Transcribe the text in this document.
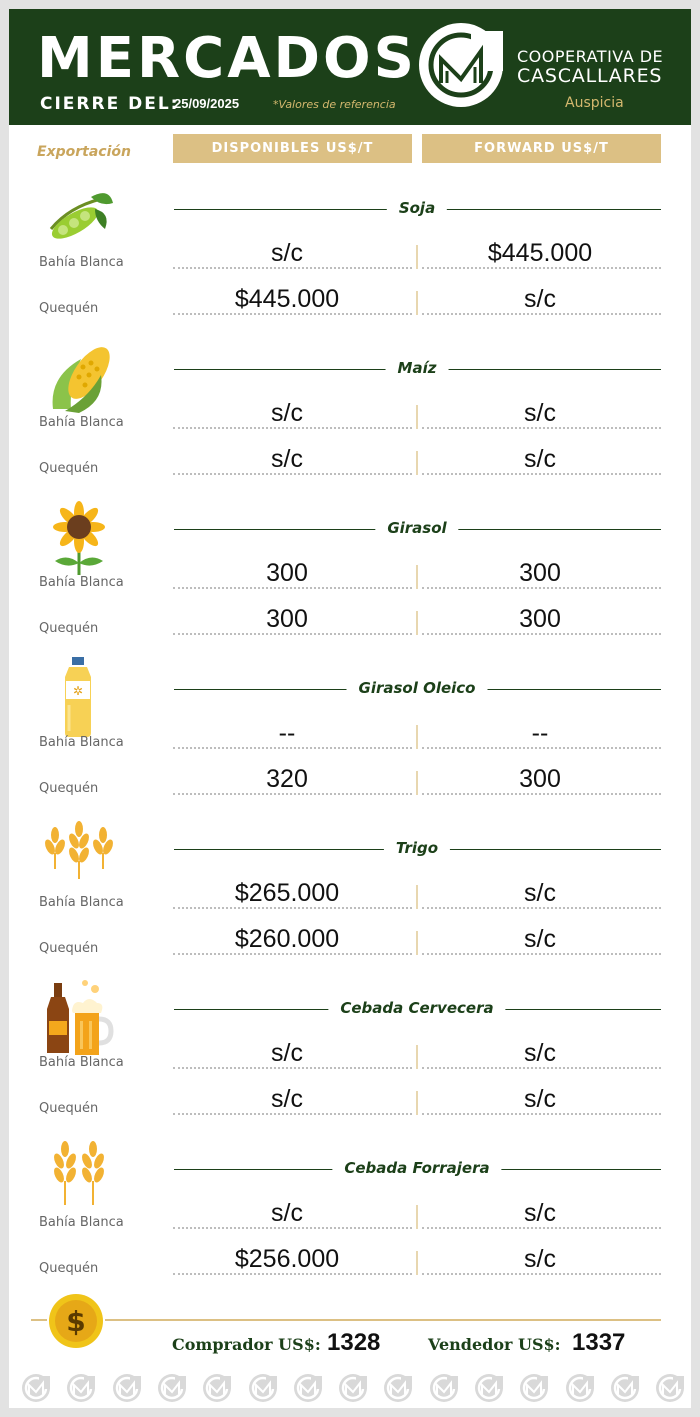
MERCADOS
CIERRE DEL:
25/09/2025	*Valores de referencia
COOPERATIVA DE
CASCALLARES
Auspicia
Exportación	DISPONIBLES US$/T	FORWARD US$/T
Soja
Bahía Blanca	s/c	$445.000
Quequén	$445.000	s/c
Maíz
Bahía Blanca	s/c	s/c
Quequén	s/c	s/c
Girasol
Bahía Blanca	300	300
Quequén	300	300
✲	Girasol Oleico
Bahía Blanca	--	--
Quequén	320	300
Trigo
Bahía Blanca	$265.000	s/c
Quequén	$260.000	s/c
Cebada Cervecera
Bahía Blanca	s/c	s/c
Quequén	s/c	s/c
Cebada Forrajera
Bahía Blanca	s/c	s/c
Quequén	$256.000	s/c
$
Comprador US$: 1328	Vendedor US$: 1337
